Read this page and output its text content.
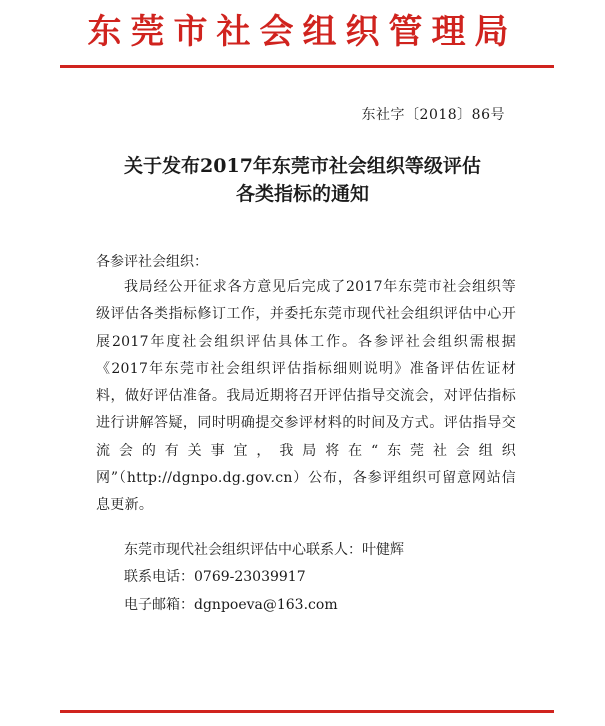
东莞市社会组织管理局
东社字〔2018〕86号
关于发布2017年东莞市社会组织等级评估
各类指标的通知
各参评社会组织：
我局经公开征求各方意见后完成了2017年东莞市社会组织等级评估各类指标修订工作，并委托东莞市现代社会组织评估中心开展2017年度社会组织评估具体工作。各参评社会组织需根据《2017年东莞市社会组织评估指标细则说明》准备评估佐证材料，做好评估准备。我局近期将召开评估指导交流会，对评估指标进行讲解答疑，同时明确提交参评材料的时间及方式。评估指导交流会的有关事宜，我局将在“东莞社会组织网”（http://dgnpo.dg.gov.cn）公布，各参评组织可留意网站信息更新。
东莞市现代社会组织评估中心联系人：叶健辉
联系电话：0769-23039917
电子邮箱：dgnpoeva@163.com
